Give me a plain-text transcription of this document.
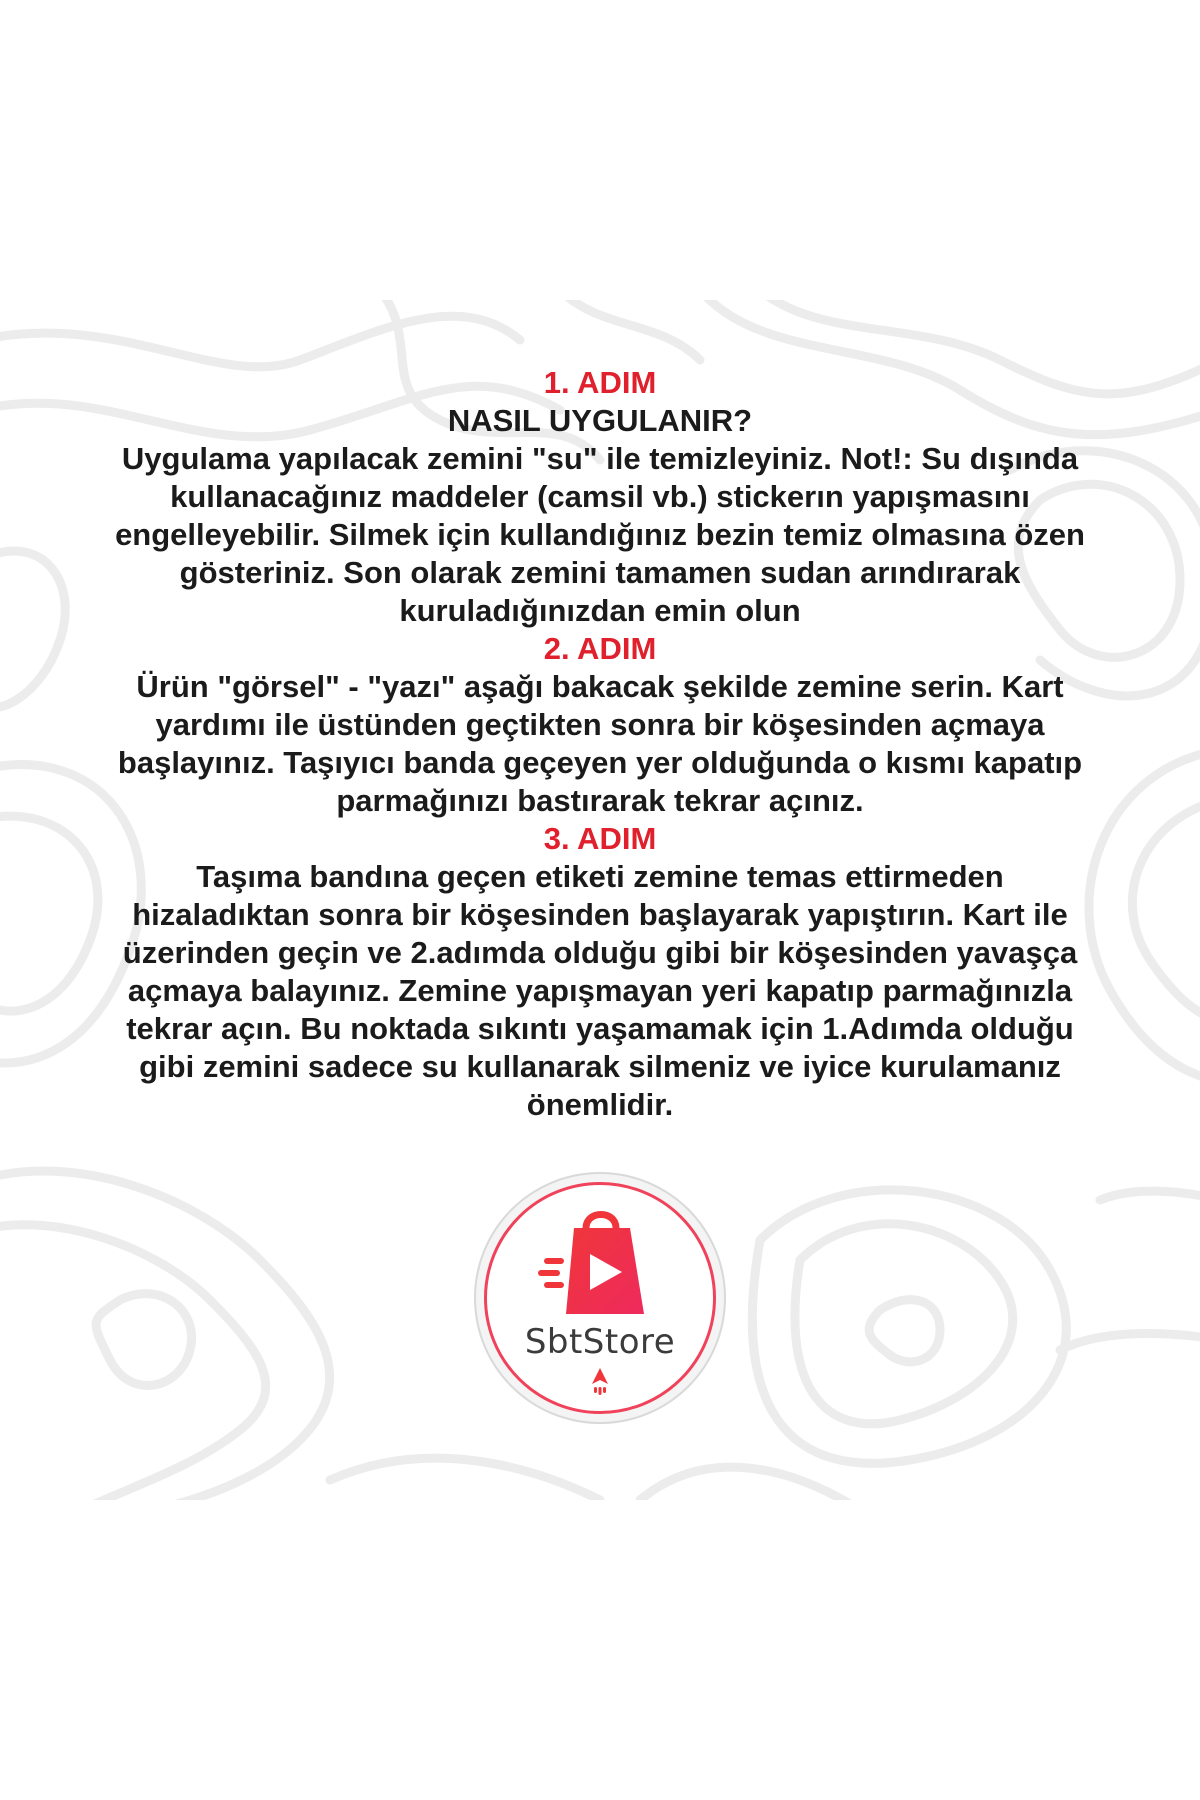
1. ADIM

NASIL UYGULANIR?

Uygulama yapılacak zemini "su" ile temizleyiniz. Not!: Su dışında

kullanacağınız maddeler (camsil vb.) stickerın yapışmasını

engelleyebilir. Silmek için kullandığınız bezin temiz olmasına özen

gösteriniz. Son olarak zemini tamamen sudan arındırarak

kuruladığınızdan emin olun

2. ADIM

Ürün "görsel" - "yazı" aşağı bakacak şekilde zemine serin. Kart

yardımı ile üstünden geçtikten sonra bir köşesinden açmaya

başlayınız. Taşıyıcı banda geçeyen yer olduğunda o kısmı kapatıp

parmağınızı bastırarak tekrar açınız.

3. ADIM

Taşıma bandına geçen etiketi zemine temas ettirmeden

hizaladıktan sonra bir köşesinden başlayarak yapıştırın. Kart ile

üzerinden geçin ve 2.adımda olduğu gibi bir köşesinden yavaşça

açmaya balayınız. Zemine yapışmayan yeri kapatıp parmağınızla

tekrar açın. Bu noktada sıkıntı yaşamamak için 1.Adımda olduğu

gibi zemini sadece su kullanarak silmeniz ve iyice kurulamanız

önemlidir.

SbtStore
